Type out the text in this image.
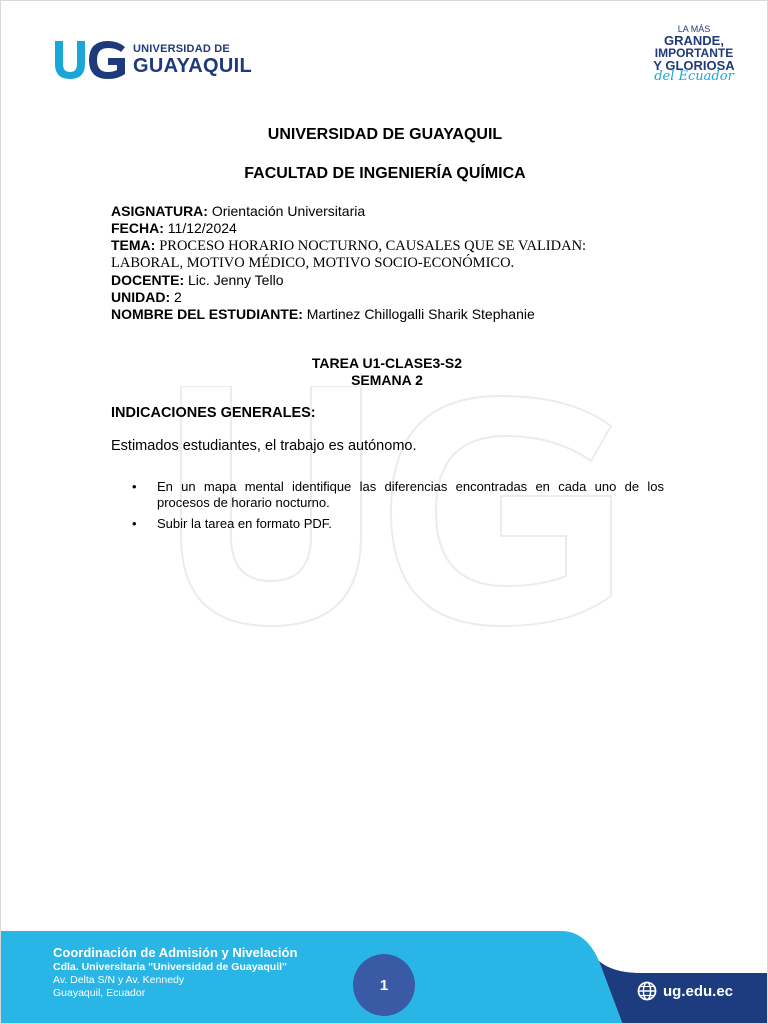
UNIVERSIDAD DE
GUAYAQUIL
LA MÁS
GRANDE,
IMPORTANTE
Y GLORIOSA
del Ecuador
UNIVERSIDAD DE GUAYAQUIL
FACULTAD DE INGENIERÍA QUÍMICA
ASIGNATURA: Orientación Universitaria
FECHA: 11/12/2024
TEMA: PROCESO HORARIO NOCTURNO, CAUSALES QUE SE VALIDAN:
LABORAL, MOTIVO MÉDICO, MOTIVO SOCIO-ECONÓMICO.
DOCENTE: Lic. Jenny Tello
UNIDAD: 2
NOMBRE DEL ESTUDIANTE: Martinez Chillogalli Sharik Stephanie
TAREA U1-CLASE3-S2
SEMANA 2
INDICACIONES GENERALES:
Estimados estudiantes, el trabajo es autónomo.
• En un mapa mental identifique las diferencias encontradas en cada uno de los procesos de horario nocturno.
• Subir la tarea en formato PDF.
Coordinación de Admisión y Nivelación
Cdla. Universitaria "Universidad de Guayaquil"
Av. Delta S/N y Av. Kennedy
Guayaquil, Ecuador	1	ug.edu.ec
